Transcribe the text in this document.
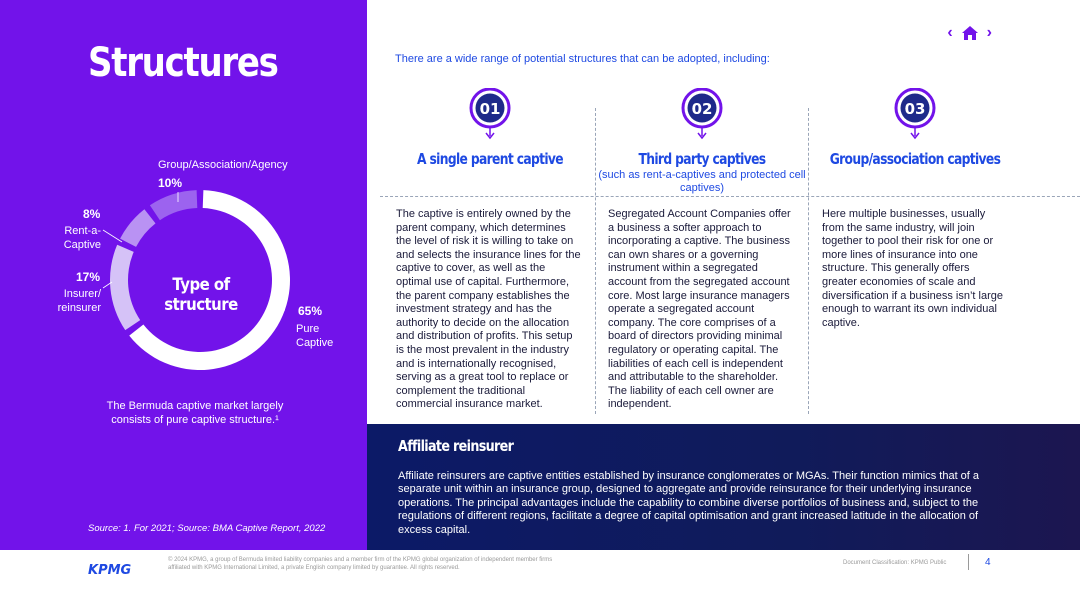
Structures
Type of structure	65%
Pure
Captive
17%
Insurer/
reinsurer
8%
Rent-a-
Captive
Group/Association/Agency
10%
The Bermuda captive market largely consists of pure captive structure.¹
Source: 1. For 2021; Source: BMA Captive Report, 2022
‹ ›
There are a wide range of potential structures that can be adopted, including:
01
A single parent captive
02
Third party captives
(such as rent-a-captives and protected cell captives)
03
Group/association captives
The captive is entirely owned by the parent company, which determines the level of risk it is willing to take on and selects the insurance lines for the captive to cover, as well as the optimal use of capital. Furthermore, the parent company establishes the investment strategy and has the authority to decide on the allocation and distribution of profits. This setup is the most prevalent in the industry and is internationally recognised, serving as a great tool to replace or complement the traditional commercial insurance market.
Segregated Account Companies offer a business a softer approach to incorporating a captive. The business can own shares or a governing instrument within a segregated account from the segregated account core. Most large insurance managers operate a segregated account company. The core comprises of a board of directors providing minimal regulatory or operating capital. The liabilities of each cell is independent and attributable to the shareholder. The liability of each cell owner are independent.
Here multiple businesses, usually from the same industry, will join together to pool their risk for one or more lines of insurance into one structure. This generally offers greater economies of scale and diversification if a business isn’t large enough to warrant its own individual captive.
Affiliate reinsurer
Affiliate reinsurers are captive entities established by insurance conglomerates or MGAs. Their function mimics that of a separate unit within an insurance group, designed to aggregate and provide reinsurance for their underlying insurance operations. The principal advantages include the capability to combine diverse portfolios of business and, subject to the regulations of different regions, facilitate a degree of capital optimisation and grant increased latitude in the allocation of excess capital.
KPMG
© 2024 KPMG, a group of Bermuda limited liability companies and a member firm of the KPMG global organization of independent member firms affiliated with KPMG International Limited, a private English company limited by guarantee. All rights reserved.
Document Classification: KPMG Public	4
